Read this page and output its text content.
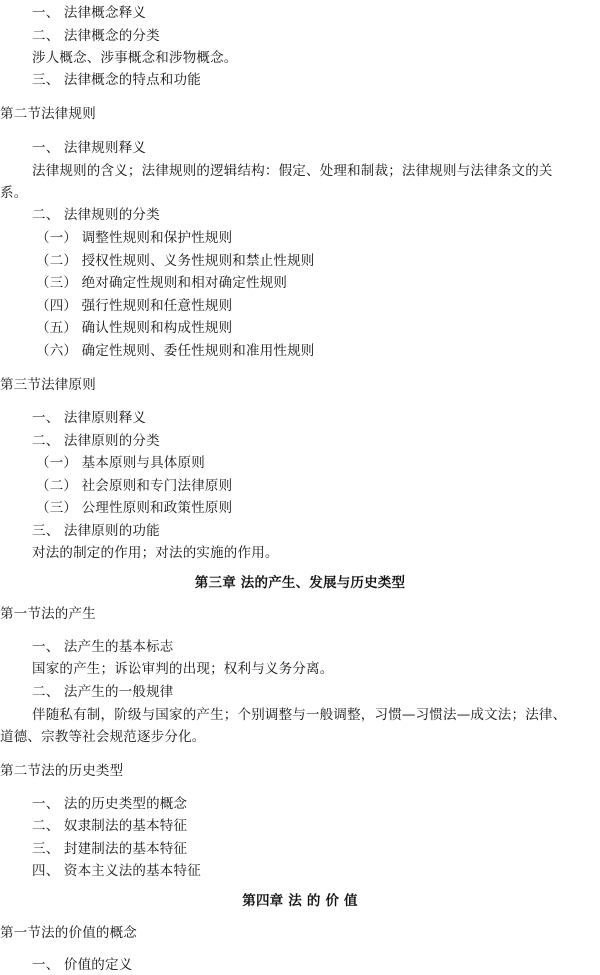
一、 法律概念释义
二、 法律概念的分类
涉人概念、涉事概念和涉物概念。
三、 法律概念的特点和功能
第二节法律规则
一、 法律规则释义
法律规则的含义；法律规则的逻辑结构：假定、处理和制裁；法律规则与法律条文的关
系。
二、 法律规则的分类
（一） 调整性规则和保护性规则
（二） 授权性规则、义务性规则和禁止性规则
（三） 绝对确定性规则和相对确定性规则
（四） 强行性规则和任意性规则
（五） 确认性规则和构成性规则
（六） 确定性规则、委任性规则和准用性规则
第三节法律原则
一、 法律原则释义
二、 法律原则的分类
（一） 基本原则与具体原则
（二） 社会原则和专门法律原则
（三） 公理性原则和政策性原则
三、 法律原则的功能
对法的制定的作用；对法的实施的作用。
第三章 法的产生、发展与历史类型
第一节法的产生
一、 法产生的基本标志
国家的产生；诉讼审判的出现；权利与义务分离。
二、 法产生的一般规律
伴随私有制，阶级与国家的产生；个别调整与一般调整，习惯—习惯法—成文法；法律、
道德、宗教等社会规范逐步分化。
第二节法的历史类型
一、 法的历史类型的概念
二、 奴隶制法的基本特征
三、 封建制法的基本特征
四、 资本主义法的基本特征
第四章 法 的 价 值
第一节法的价值的概念
一、 价值的定义
